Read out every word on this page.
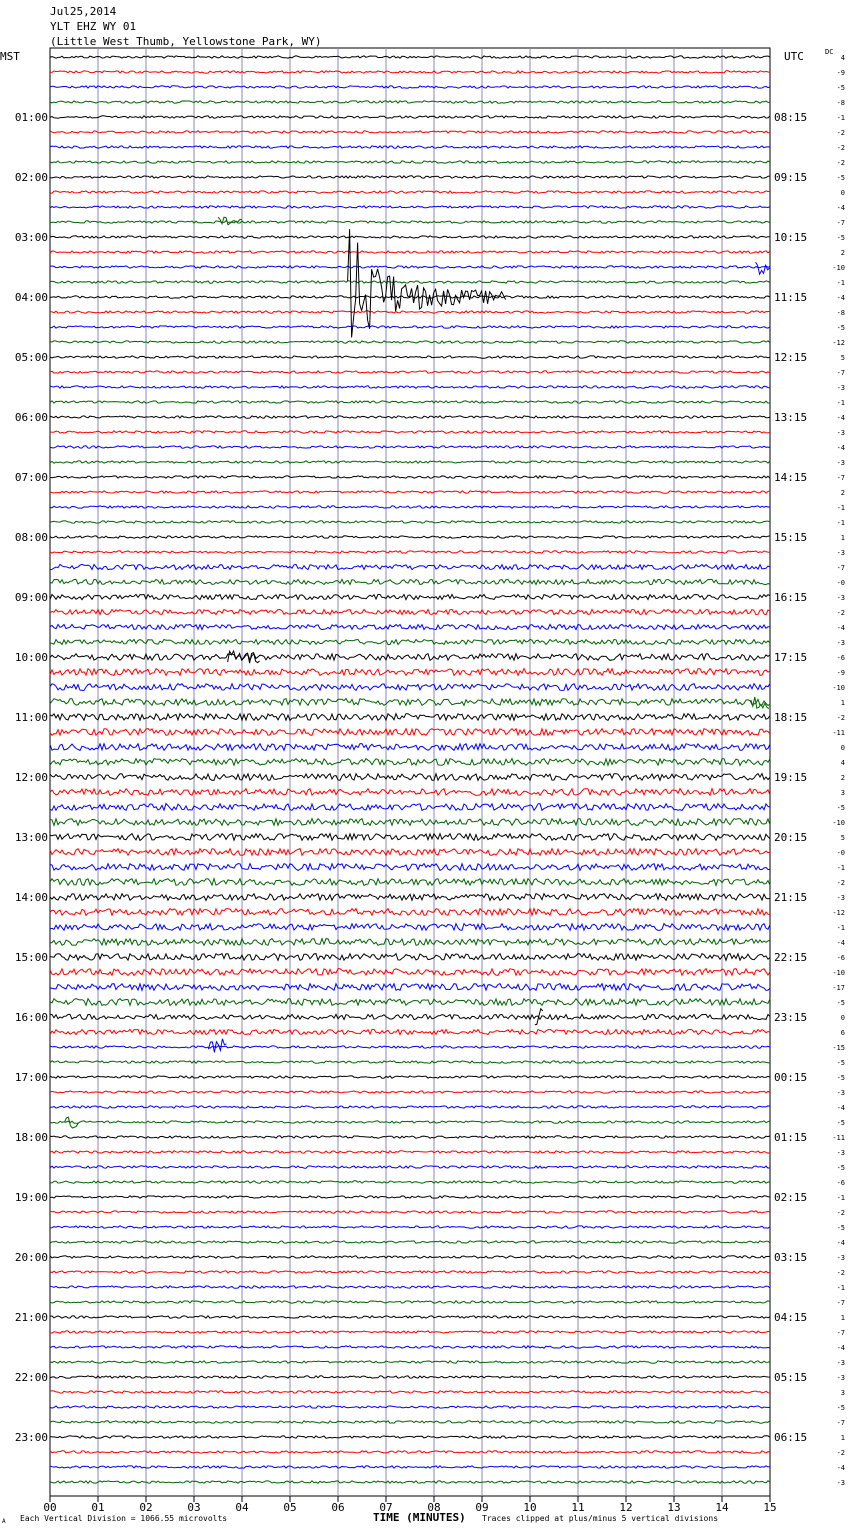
Jul25,2014
YLT EHZ WY 01
(Little West Thumb, Yellowstone Park, WY)
MST	UTC	DC
01:00
02:00
03:00
04:00
05:00
06:00
07:00
08:00
09:00
10:00
11:00
12:00
13:00
14:00
15:00
16:00
17:00
18:00
19:00
20:00
21:00
22:00
23:00
08:15
09:15
10:15
11:15
12:15
13:15
14:15
15:15
16:15
17:15
18:15
19:15
20:15
21:15
22:15
23:15
00:15
01:15
02:15
03:15
04:15
05:15
06:15
4
-9
-5
-8
-1
-2
-2
-2
-5
0
-4
-7
-5
2
-10
-1
-4
-8
-5
-12
5
-7
-3
-1
-4
-3
-4
-3
-7
2
-1
-1
1
-3
-7
-0
-3
-2
-4
-3
-6
-9
-10
1
-2
-11
0
4
2
3
-5
-10
5
-0
-1
-2
-3
-12
-1
-4
-6
-10
-17
-5
0
6
-15
-5
-5
-3
-4
-5
-11
-3
-5
-6
-1
-2
-5
-4
-3
-2
-1
-7
1
-7
-4
-3
-3
3
-5
-7
1
-2
-4
-3
00	01	02	03	04	05	06	07	08	09	10	11	12	13	14	15
A Each Vertical Division = 1066.55 microvolts	TIME (MINUTES) Traces clipped at plus/minus 5 vertical divisions
